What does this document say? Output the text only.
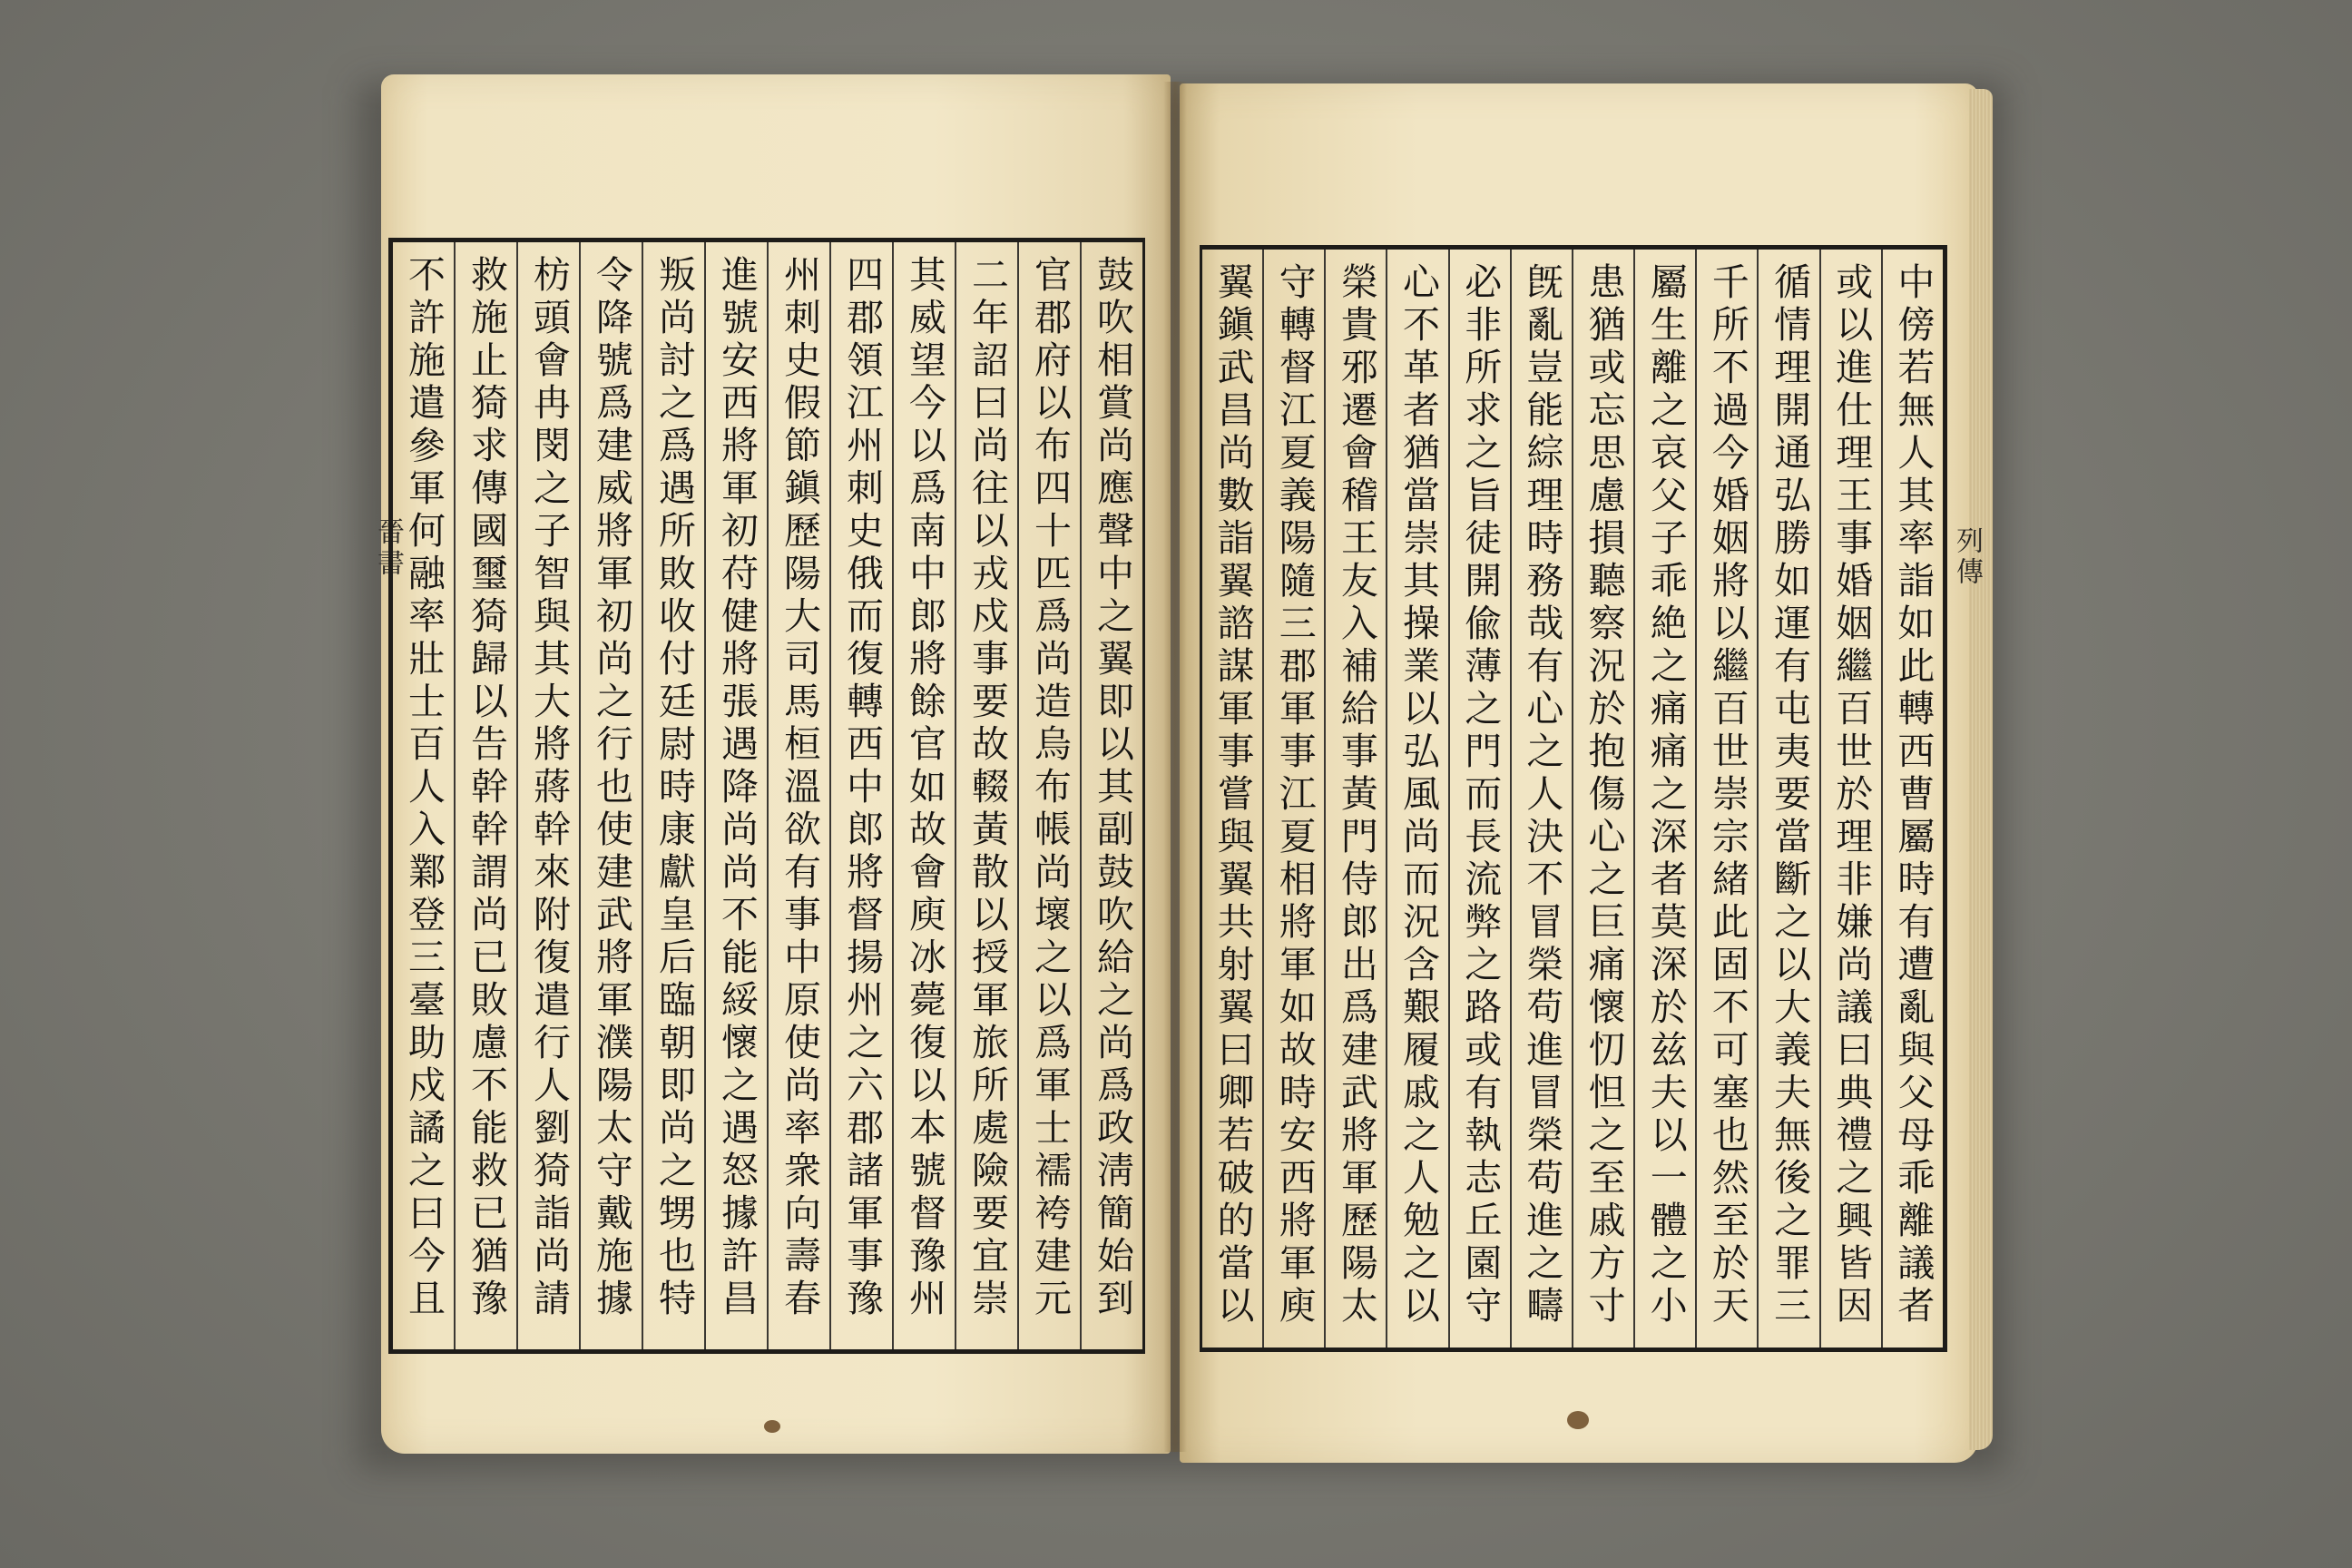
晉書	列傳
鼓吹相賞尚應聲中之翼即以其副鼓吹給之尚爲政淸簡始到
官郡府以布四十匹爲尚造烏布帳尚壞之以爲軍士襦袴建元
二年詔曰尚往以戎戍事要故輟黃散以授軍旅所處險要宜崇
其威望今以爲南中郎將餘官如故會庾冰薨復以本號督豫州
四郡領江州刺史俄而復轉西中郎將督揚州之六郡諸軍事豫
州刺史假節鎭歷陽大司馬桓溫欲有事中原使尚率衆向壽春
進號安西將軍初苻健將張遇降尚尚不能綏懷之遇怒據許昌
叛尚討之爲遇所敗收付廷尉時康獻皇后臨朝即尚之甥也特
令降號爲建威將軍初尚之行也使建武將軍濮陽太守戴施據
枋頭會冉閔之子智與其大將蔣幹來附復遣行人劉猗詣尚請
救施止猗求傳國璽猗歸以告幹幹謂尚已敗慮不能救已猶豫
不許施遣參軍何融率壯士百人入鄴登三臺助戍譎之曰今且	中傍若無人其率詣如此轉西曹屬時有遭亂與父母乖離議者
或以進仕理王事婚姻繼百世於理非嫌尚議曰典禮之興皆因
循情理開通弘勝如運有屯夷要當斷之以大義夫無後之罪三
千所不過今婚姻將以繼百世崇宗緒此固不可塞也然至於天
屬生離之哀父子乖絶之痛痛之深者莫深於兹夫以一體之小
患猶或忘思慮損聽察況於抱傷心之巨痛懷忉怛之至戚方寸
旣亂豈能綜理時務哉有心之人決不冒榮苟進冒榮苟進之疇
必非所求之旨徒開偸薄之門而長流弊之路或有執志丘園守
心不革者猶當崇其操業以弘風尚而況含艱履戚之人勉之以
榮貴邪遷會稽王友入補給事黃門侍郎出爲建武將軍歷陽太
守轉督江夏義陽隨三郡軍事江夏相將軍如故時安西將軍庾
翼鎭武昌尚數詣翼諮謀軍事嘗與翼共射翼曰卿若破的當以
